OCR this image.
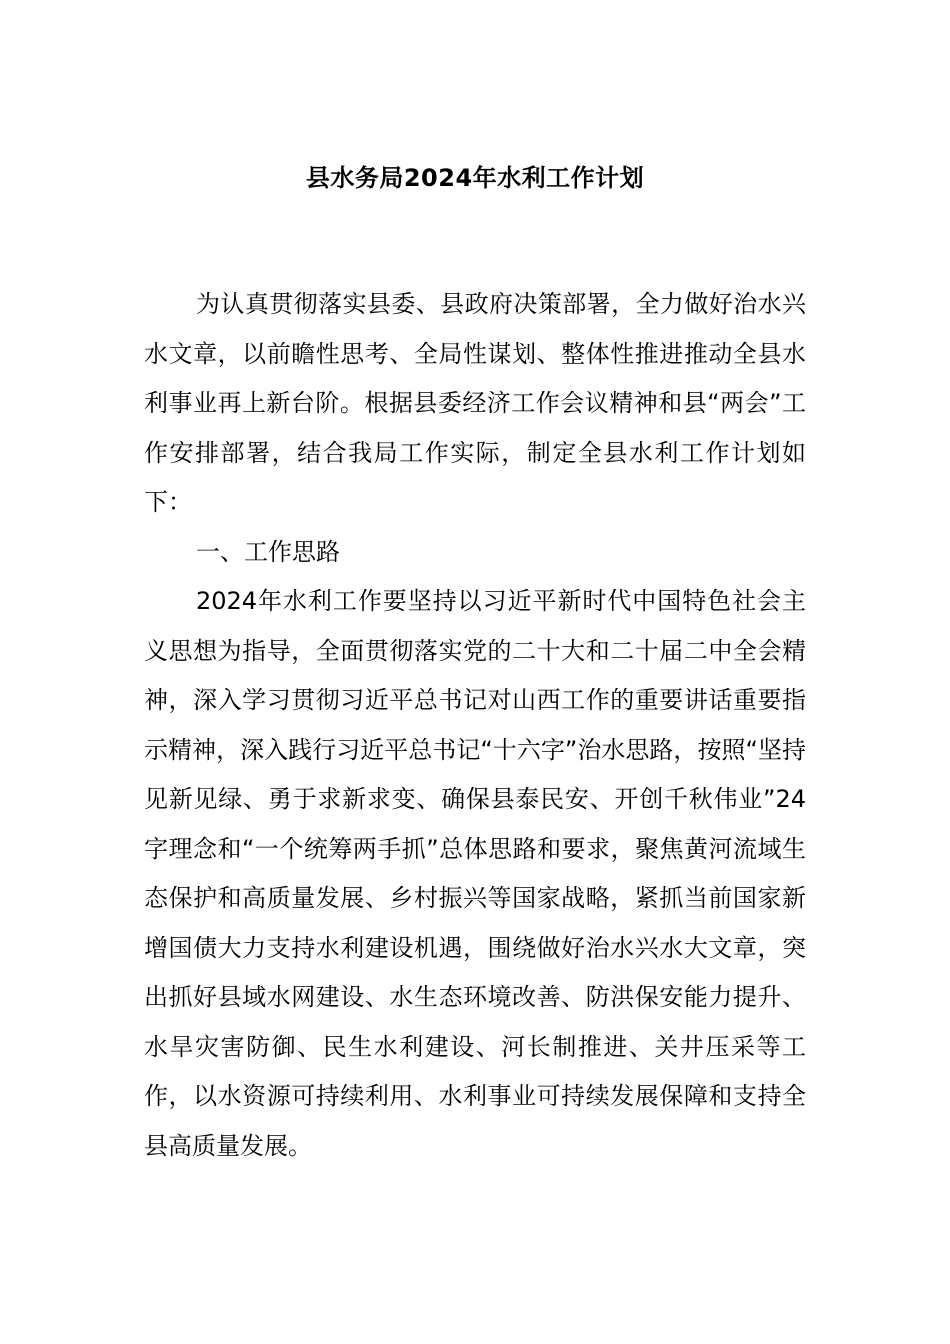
县水务局2024年水利工作计划

为认真贯彻落实县委、县政府决策部署，全力做好治水兴水文章，以前瞻性思考、全局性谋划、整体性推进推动全县水利事业再上新台阶。根据县委经济工作会议精神和县“两会”工作安排部署，结合我局工作实际，制定全县水利工作计划如下：

一、工作思路

2024年水利工作要坚持以习近平新时代中国特色社会主义思想为指导，全面贯彻落实党的二十大和二十届二中全会精神，深入学习贯彻习近平总书记对山西工作的重要讲话重要指示精神，深入践行习近平总书记“十六字”治水思路，按照“坚持见新见绿、勇于求新求变、确保县泰民安、开创千秋伟业”24字理念和“一个统筹两手抓”总体思路和要求，聚焦黄河流域生态保护和高质量发展、乡村振兴等国家战略，紧抓当前国家新增国债大力支持水利建设机遇，围绕做好治水兴水大文章，突出抓好县域水网建设、水生态环境改善、防洪保安能力提升、水旱灾害防御、民生水利建设、河长制推进、关井压采等工作，以水资源可持续利用、水利事业可持续发展保障和支持全县高质量发展。
